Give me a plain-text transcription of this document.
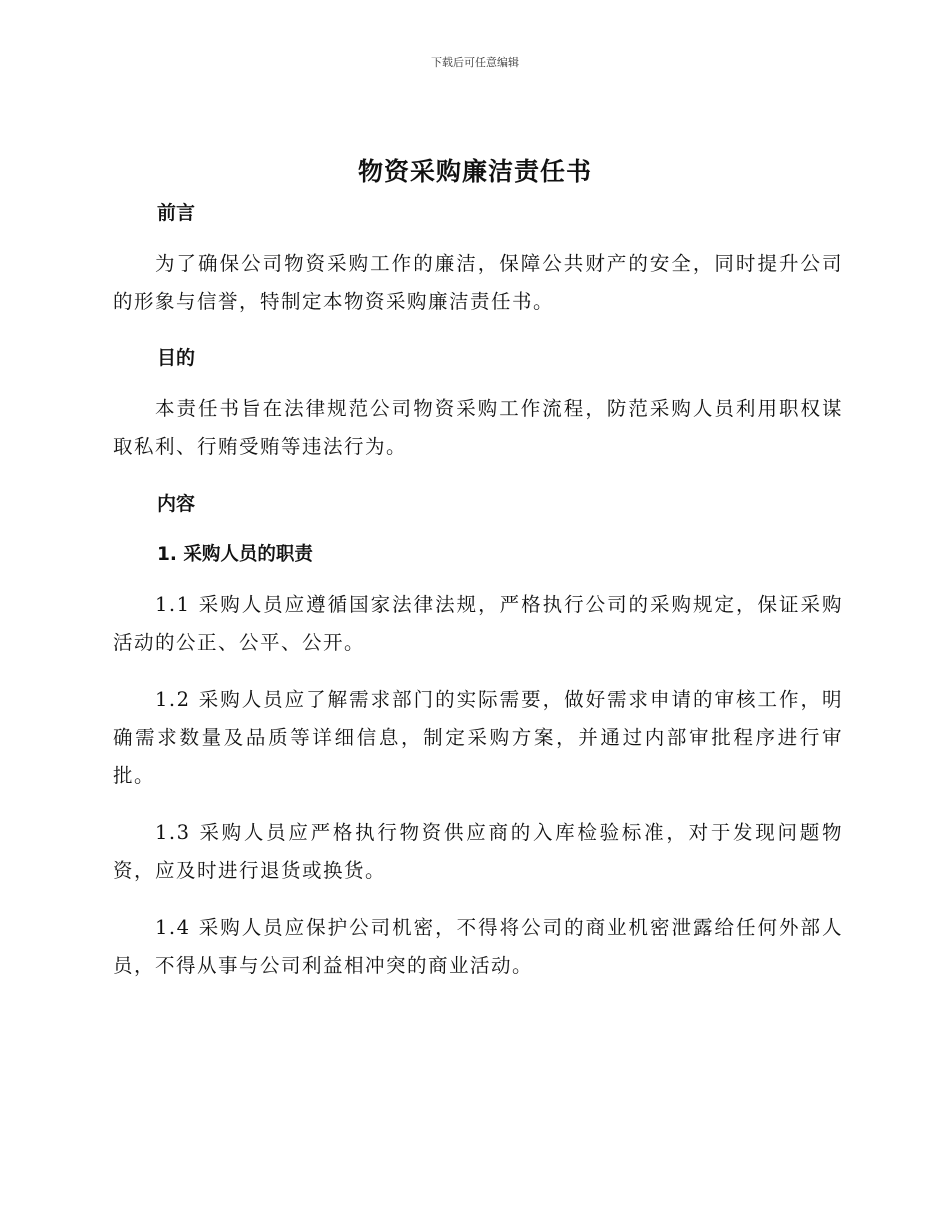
下载后可任意编辑
物资采购廉洁责任书
前言

为了确保公司物资采购工作的廉洁，保障公共财产的安全，同时提升公司的形象与信誉，特制定本物资采购廉洁责任书。

目的

本责任书旨在法律规范公司物资采购工作流程，防范采购人员利用职权谋取私利、行贿受贿等违法行为。

内容
1. 采购人员的职责

1.1 采购人员应遵循国家法律法规，严格执行公司的采购规定，保证采购活动的公正、公平、公开。

1.2 采购人员应了解需求部门的实际需要，做好需求申请的审核工作，明确需求数量及品质等详细信息，制定采购方案，并通过内部审批程序进行审批。

1.3 采购人员应严格执行物资供应商的入库检验标准，对于发现问题物资，应及时进行退货或换货。

1.4 采购人员应保护公司机密，不得将公司的商业机密泄露给任何外部人员，不得从事与公司利益相冲突的商业活动。
